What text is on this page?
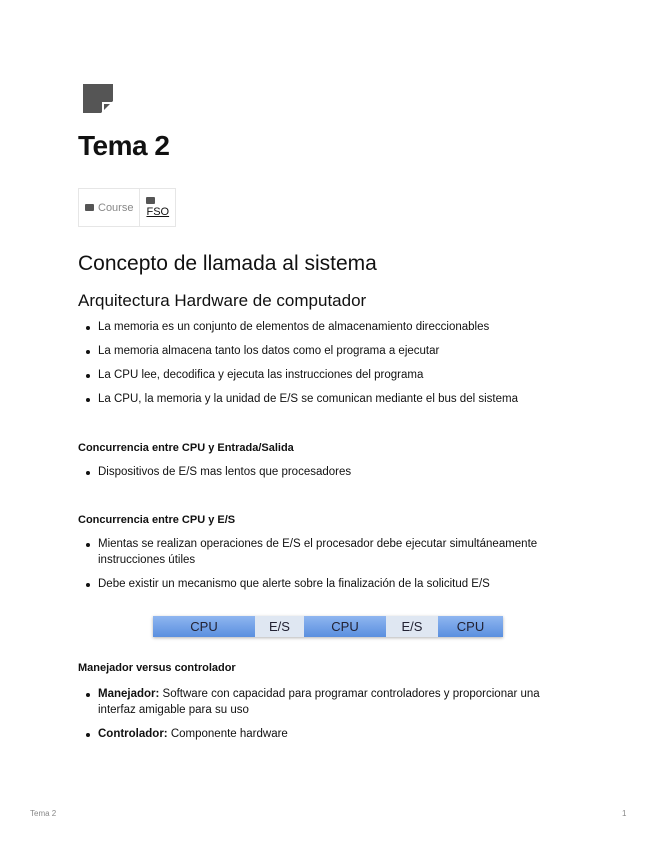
Tema 2
Course FSO
Concepto de llamada al sistema
Arquitectura Hardware de computador
La memoria es un conjunto de elementos de almacenamiento direccionables
La memoria almacena tanto los datos como el programa a ejecutar
La CPU lee, decodifica y ejecuta las instrucciones del programa
La CPU, la memoria y la unidad de E/S se comunican mediante el bus del sistema
Concurrencia entre CPU y Entrada/Salida
Dispositivos de E/S mas lentos que procesadores
Concurrencia entre CPU y E/S
Mientas se realizan operaciones de E/S el procesador debe ejecutar simultáneamente instrucciones útiles
Debe existir un mecanismo que alerte sobre la finalización de la solicitud E/S
CPU	E/S	CPU	E/S	CPU
Manejador versus controlador
Manejador: Software con capacidad para programar controladores y proporcionar una interfaz amigable para su uso
Controlador: Componente hardware
Tema 2	1
